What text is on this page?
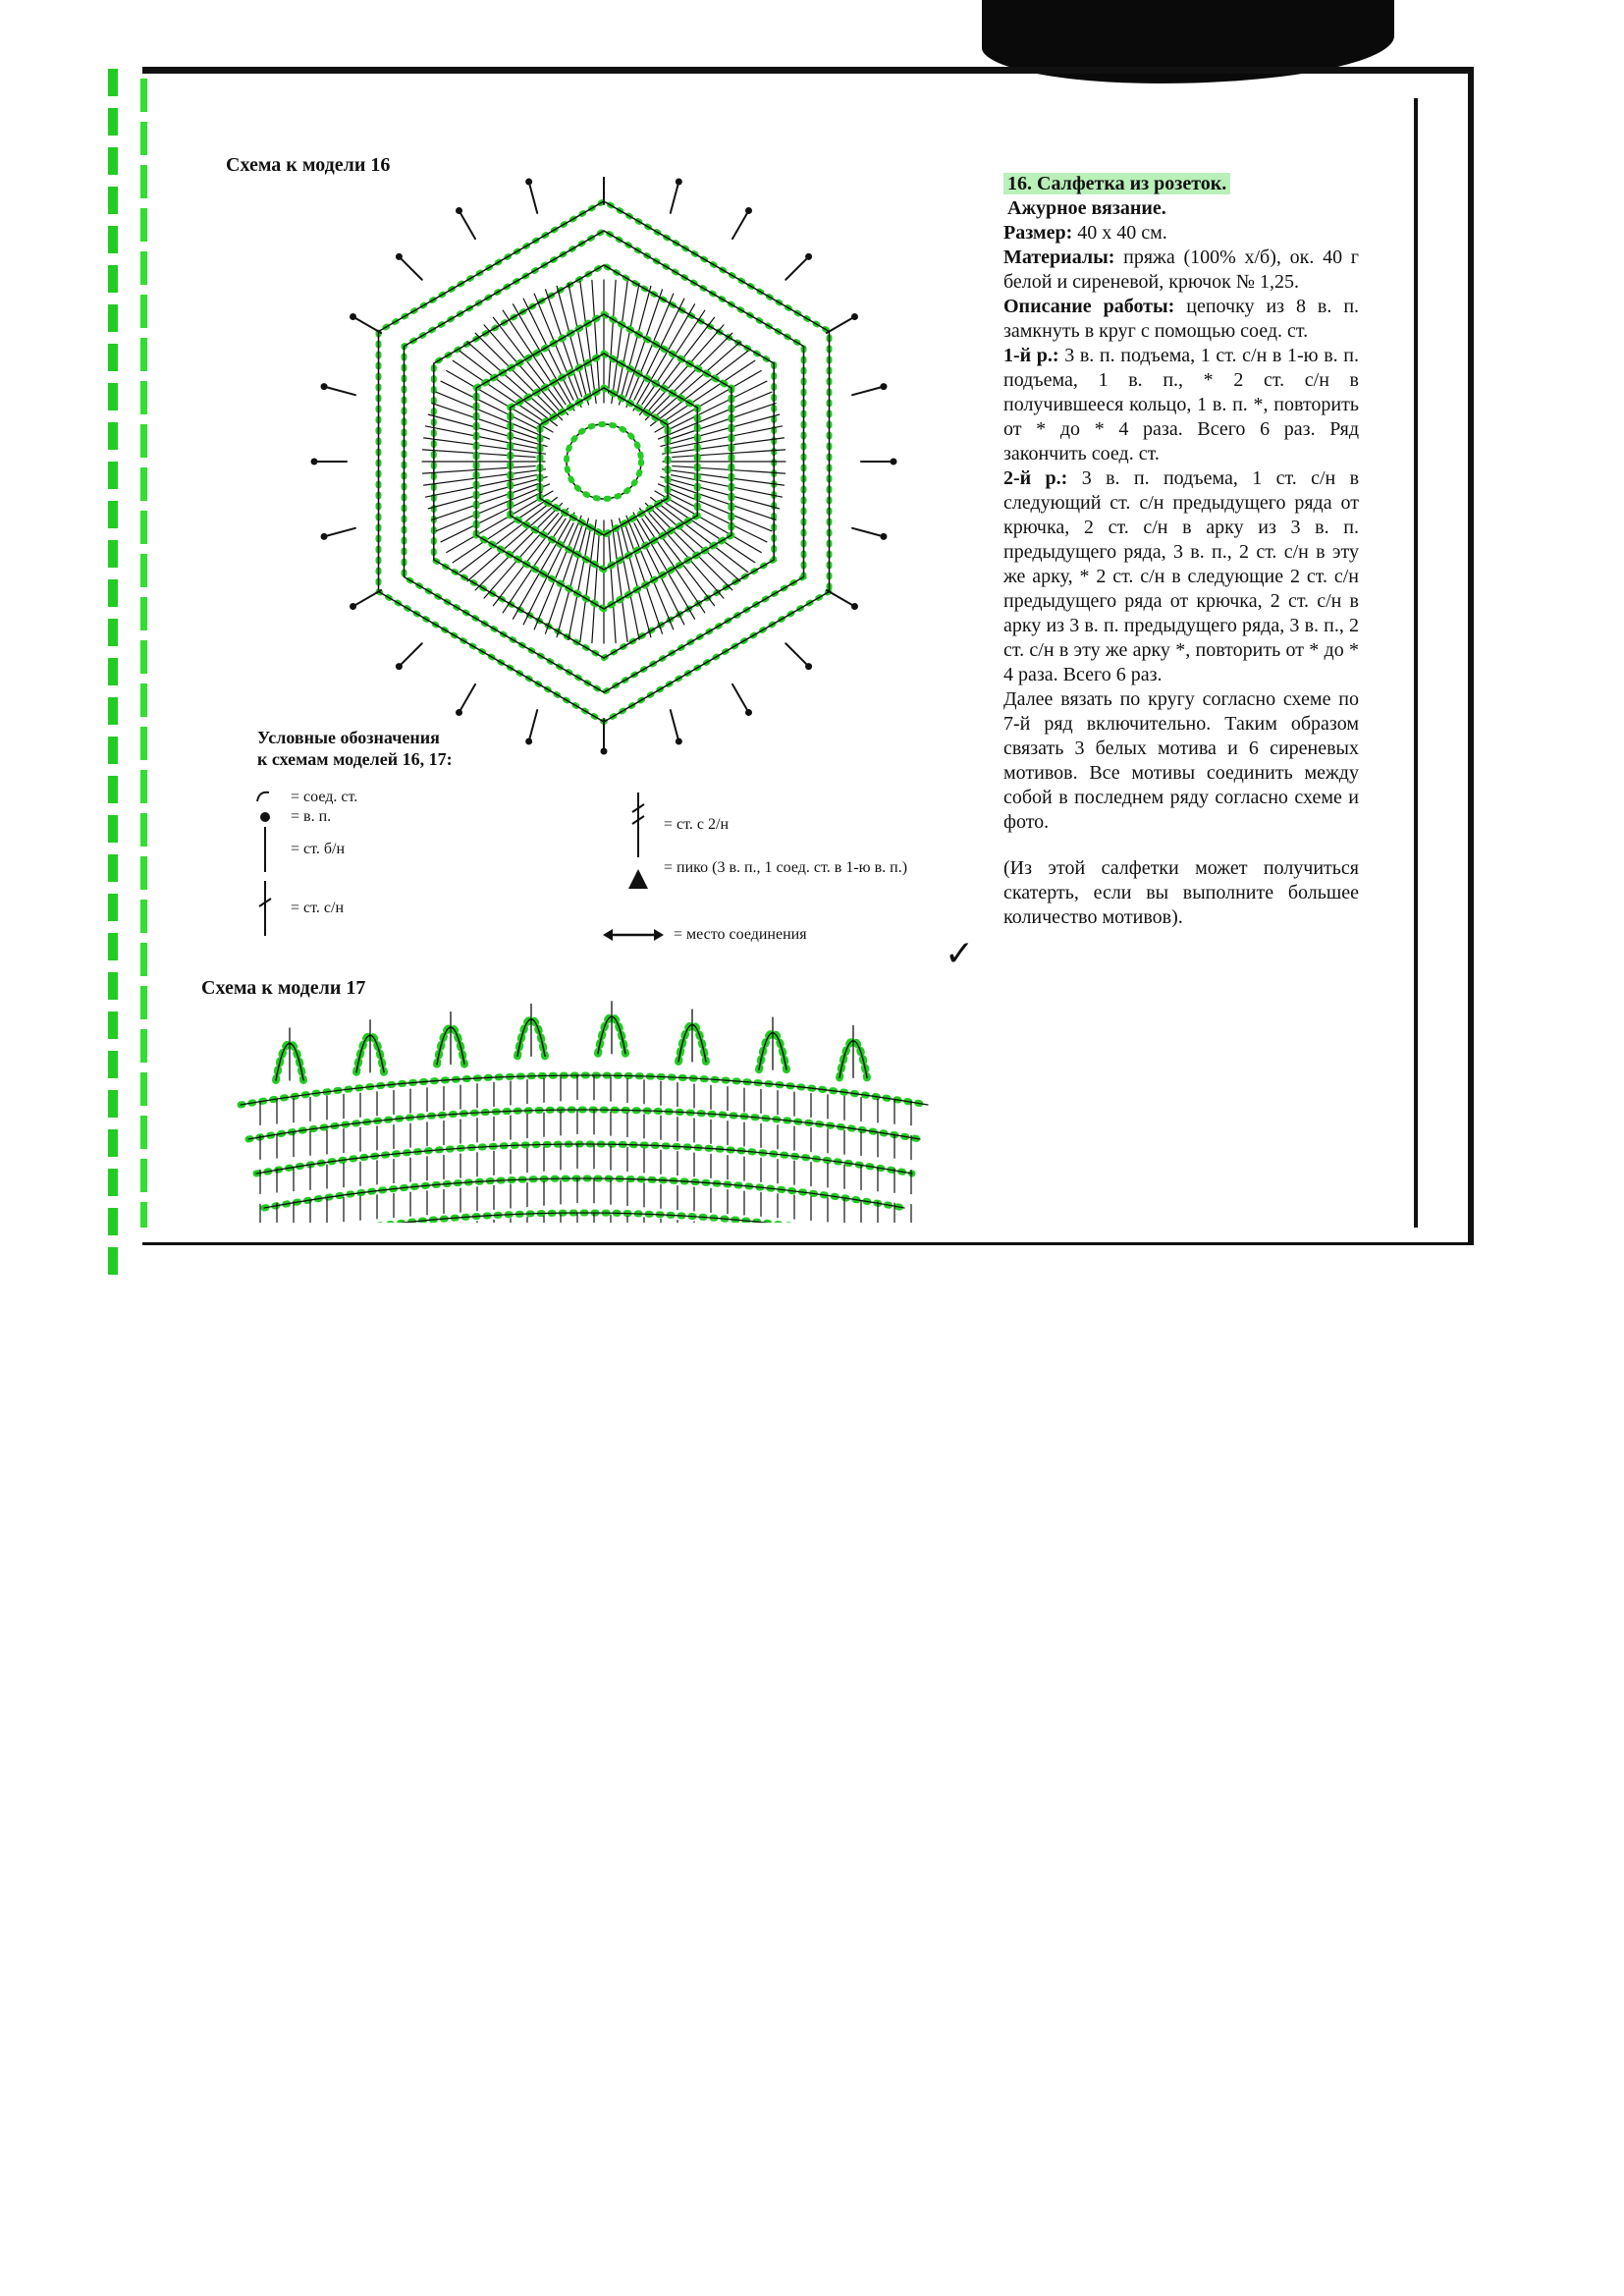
Схема к модели 16
Условные обозначения
к схемам моделей 16, 17:
= соед. ст.
= в. п.
= ст. б/н
= ст. с/н
= ст. с 2/н
= пико (3 в. п., 1 соед. ст. в 1-ю в. п.)
= место соединения
Схема к модели 17

16. Салфетка из розеток.

Ажурное вязание.

Размер: 40 х 40 см.

Материалы: пряжа (100% х/б), ок. 40 г белой и сиреневой, крючок № 1,25.

Описание работы: цепочку из 8 в. п. замкнуть в круг с помощью соед. ст.

1-й р.: 3 в. п. подъема, 1 ст. с/н в 1-ю в. п. подъема, 1 в. п., * 2 ст. с/н в получившееся кольцо, 1 в. п. *, повторить от * до * 4 раза. Всего 6 раз. Ряд закончить соед. ст.

2-й р.: 3 в. п. подъема, 1 ст. с/н в следующий ст. с/н предыдущего ряда от крючка, 2 ст. с/н в арку из 3 в. п. предыдущего ряда, 3 в. п., 2 ст. с/н в эту же арку, * 2 ст. с/н в следующие 2 ст. с/н предыдущего ряда от крючка, 2 ст. с/н в арку из 3 в. п. предыдущего ряда, 3 в. п., 2 ст. с/н в эту же арку *, повторить от * до * 4 раза. Всего 6 раз.

Далее вязать по кругу согласно схеме по 7-й ряд включительно. Таким образом связать 3 белых мотива и 6 сиреневых мотивов. Все мотивы соединить между собой в последнем ряду согласно схеме и фото.

(Из этой салфетки может получиться скатерть, если вы выполните большее количество мотивов).

✓
